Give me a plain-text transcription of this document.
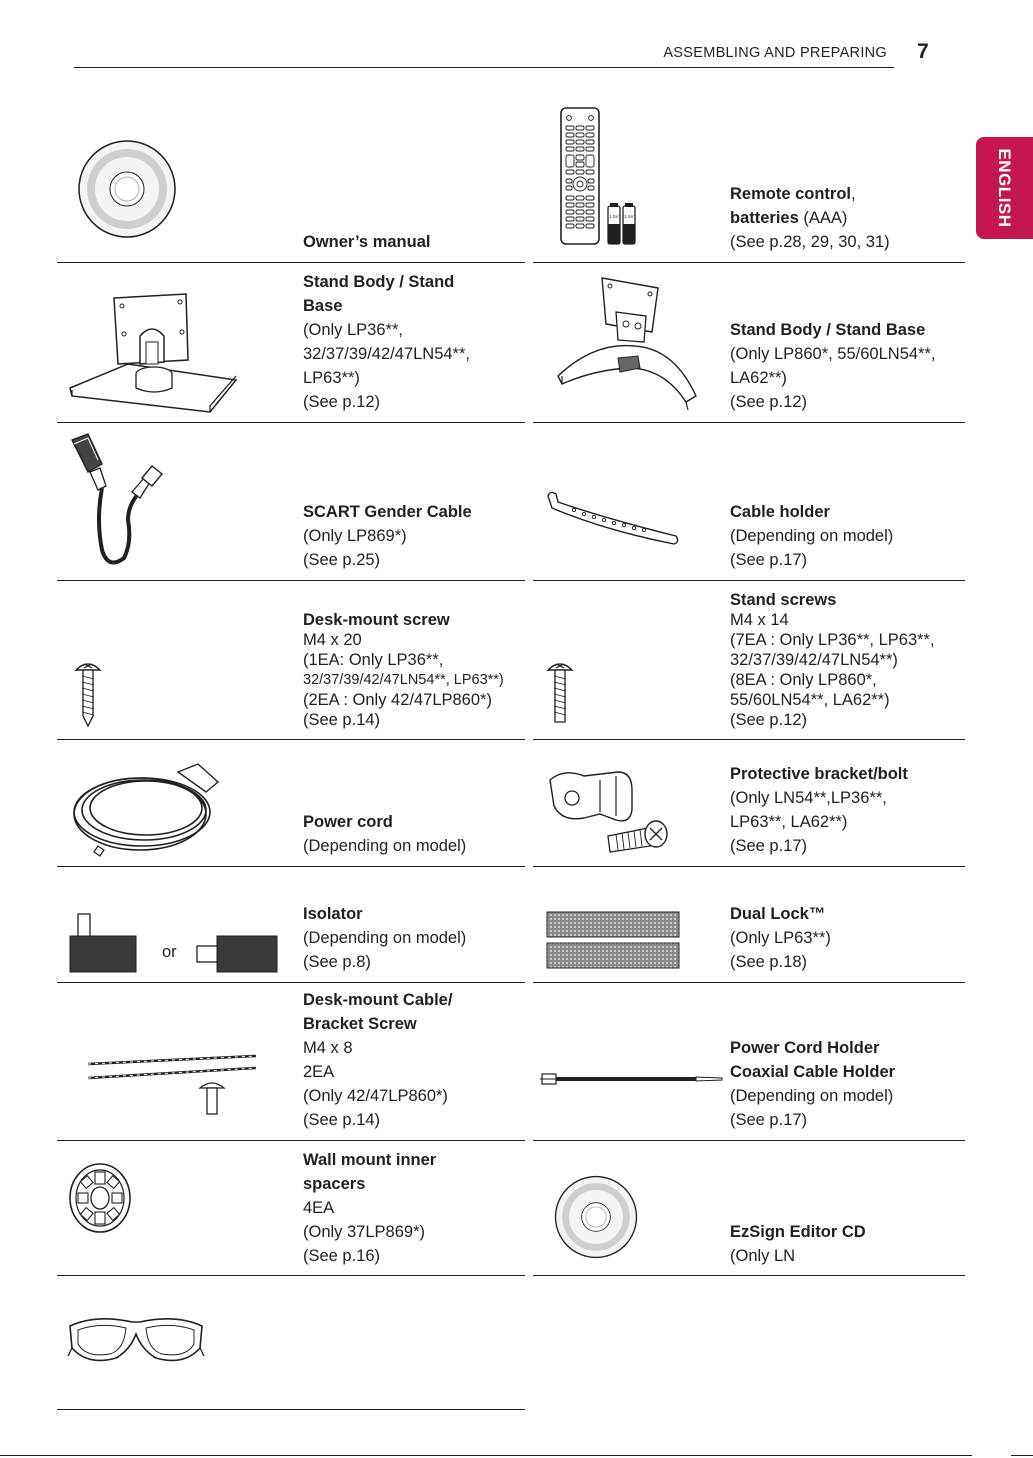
ASSEMBLING AND PREPARING 7
ENGLISH
Owner’s manual
1.5V 1.5V
Remote control,
batteries (AAA)
(See p.28, 29, 30, 31)
Stand Body / Stand
Base
(Only LP36**,
32/37/39/42/47LN54**,
LP63**)
(See p.12)
Stand Body / Stand Base
(Only LP860*, 55/60LN54**,
LA62**)
(See p.12)
SCART Gender Cable
(Only LP869*)
(See p.25)
Cable holder
(Depending on model)
(See p.17)
Desk-mount screw
M4 x 20
(1EA: Only LP36**,
32/37/39/42/47LN54**, LP63**)
(2EA : Only 42/47LP860*)
(See p.14)
Stand screws
M4 x 14
(7EA : Only LP36**, LP63**,
32/37/39/42/47LN54**)
(8EA : Only LP860*,
55/60LN54**, LA62**)
(See p.12)
Power cord
(Depending on model)
Protective bracket/bolt
(Only LN54**,LP36**,
LP63**, LA62**)
(See p.17)
or
Isolator
(Depending on model)
(See p.8)
Dual Lock™
(Only LP63**)
(See p.18)
Desk-mount Cable/
Bracket Screw
M4 x 8
2EA
(Only 42/47LP860*)
(See p.14)
Power Cord Holder
Coaxial Cable Holder
(Depending on model)
(See p.17)
Wall mount inner
spacers
4EA
(Only 37LP869*)
(See p.16)
EzSign Editor CD
(Only LN
